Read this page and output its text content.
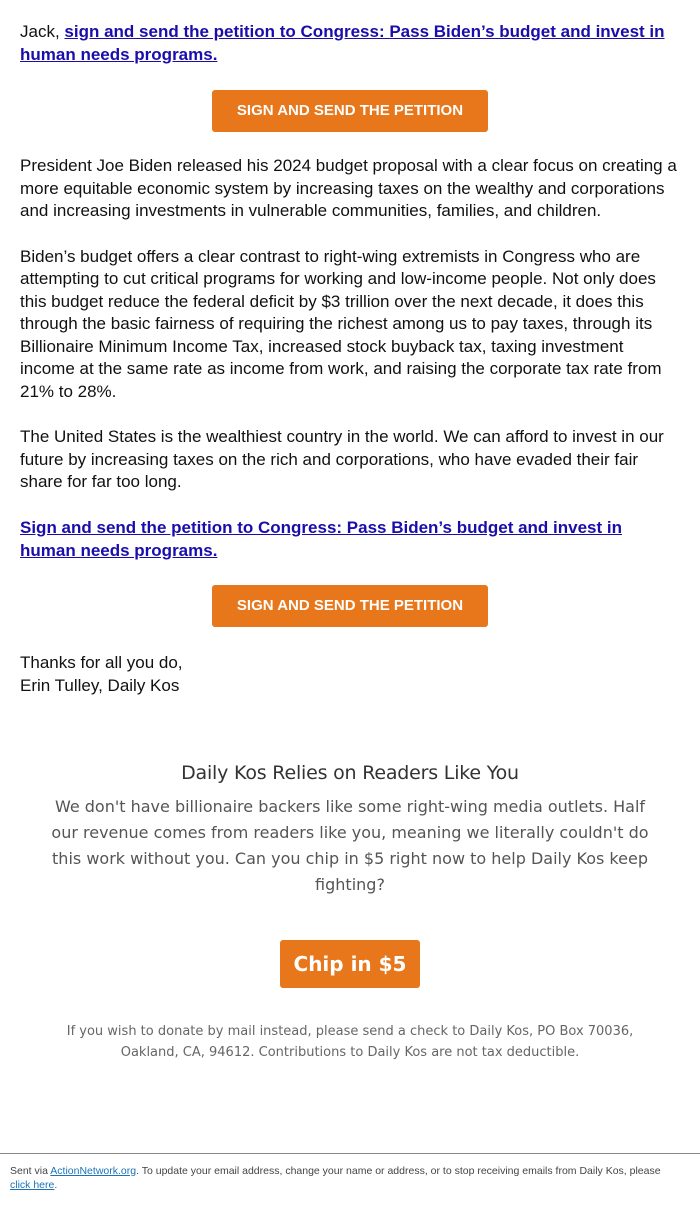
Jack, sign and send the petition to Congress: Pass Biden’s budget and invest in human needs programs.

SIGN AND SEND THE PETITION

President Joe Biden released his 2024 budget proposal with a clear focus on creating a more equitable economic system by increasing taxes on the wealthy and corporations and increasing investments in vulnerable communities, families, and children.

Biden’s budget offers a clear contrast to right-wing extremists in Congress who are attempting to cut critical programs for working and low-income people. Not only does this budget reduce the federal deficit by $3 trillion over the next decade, it does this through the basic fairness of requiring the richest among us to pay taxes, through its Billionaire Minimum Income Tax, increased stock buyback tax, taxing investment income at the same rate as income from work, and raising the corporate tax rate from 21% to 28%.

The United States is the wealthiest country in the world. We can afford to invest in our future by increasing taxes on the rich and corporations, who have evaded their fair share for far too long.

Sign and send the petition to Congress: Pass Biden’s budget and invest in human needs programs.
SIGN AND SEND THE PETITION
Thanks for all you do,
Erin Tulley, Daily Kos
Daily Kos Relies on Readers Like You

We don't have billionaire backers like some right-wing media outlets. Half our revenue comes from readers like you, meaning we literally couldn't do this work without you. Can you chip in $5 right now to help Daily Kos keep fighting?

Chip in $5
If you wish to donate by mail instead, please send a check to Daily Kos, PO Box 70036, Oakland, CA, 94612. Contributions to Daily Kos are not tax deductible.
Sent via ActionNetwork.org. To update your email address, change your name or address, or to stop receiving emails from Daily Kos, please click here.
